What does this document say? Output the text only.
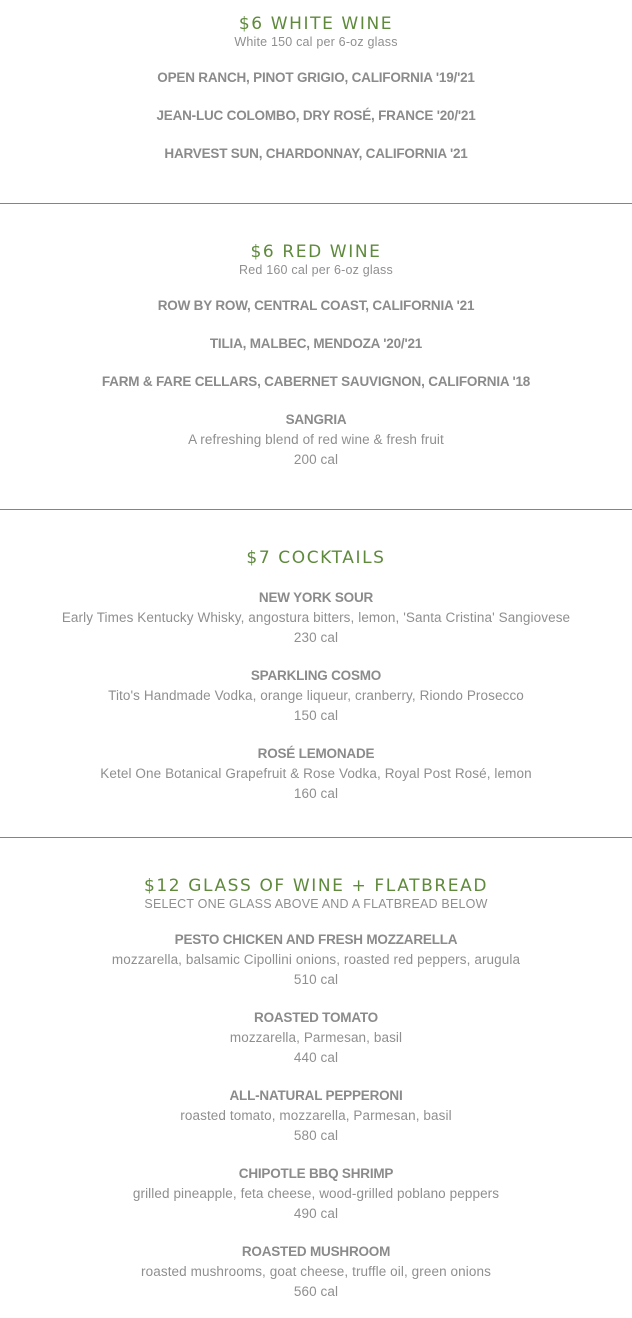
$6 WHITE WINE
White 150 cal per 6-oz glass
OPEN RANCH, PINOT GRIGIO, CALIFORNIA '19/'21
JEAN-LUC COLOMBO, DRY ROSÉ, FRANCE '20/'21
HARVEST SUN, CHARDONNAY, CALIFORNIA '21
$6 RED WINE
Red 160 cal per 6-oz glass
ROW BY ROW, CENTRAL COAST, CALIFORNIA '21
TILIA, MALBEC, MENDOZA '20/'21
FARM & FARE CELLARS, CABERNET SAUVIGNON, CALIFORNIA '18
SANGRIA
A refreshing blend of red wine & fresh fruit
200 cal
$7 COCKTAILS
NEW YORK SOUR
Early Times Kentucky Whisky, angostura bitters, lemon, 'Santa Cristina' Sangiovese
230 cal
SPARKLING COSMO
Tito's Handmade Vodka, orange liqueur, cranberry, Riondo Prosecco
150 cal
ROSÉ LEMONADE
Ketel One Botanical Grapefruit & Rose Vodka, Royal Post Rosé, lemon
160 cal
$12 GLASS OF WINE + FLATBREAD
SELECT ONE GLASS ABOVE AND A FLATBREAD BELOW
PESTO CHICKEN AND FRESH MOZZARELLA
mozzarella, balsamic Cipollini onions, roasted red peppers, arugula
510 cal
ROASTED TOMATO
mozzarella, Parmesan, basil
440 cal
ALL-NATURAL PEPPERONI
roasted tomato, mozzarella, Parmesan, basil
580 cal
CHIPOTLE BBQ SHRIMP
grilled pineapple, feta cheese, wood-grilled poblano peppers
490 cal
ROASTED MUSHROOM
roasted mushrooms, goat cheese, truffle oil, green onions
560 cal
